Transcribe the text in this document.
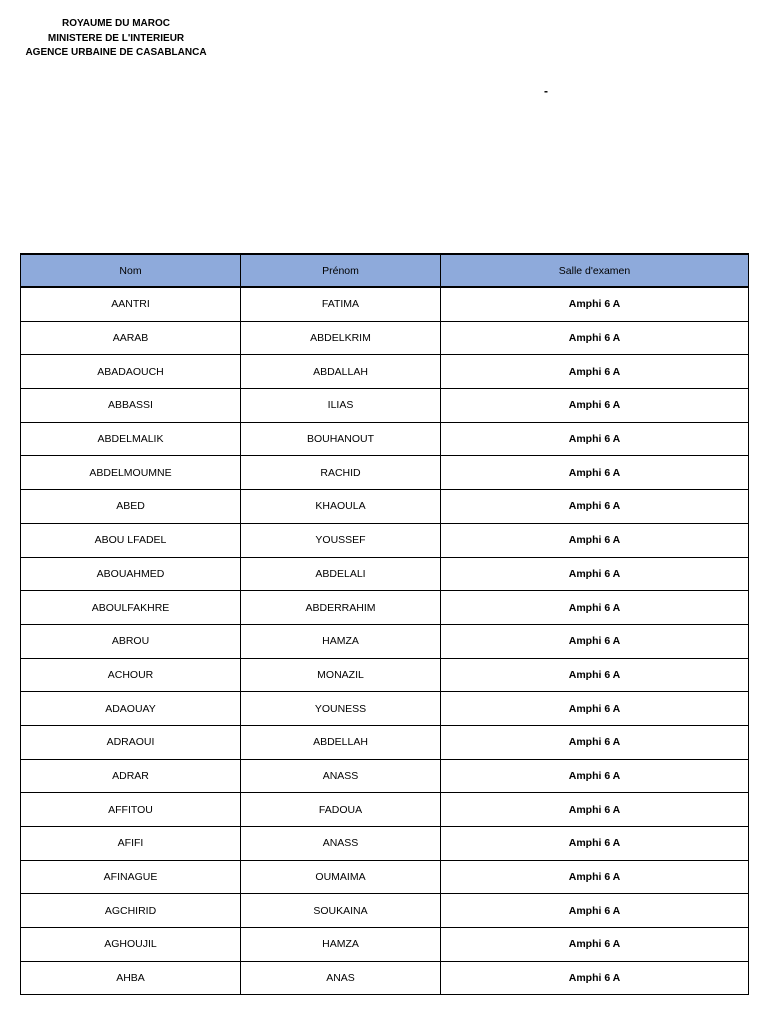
ROYAUME DU MAROC
MINISTERE DE L'INTERIEUR
AGENCE URBAINE DE CASABLANCA
-
Nom	Prénom	Salle d'examen
AANTRI	FATIMA	Amphi 6 A
AARAB	ABDELKRIM	Amphi 6 A
ABADAOUCH	ABDALLAH	Amphi 6 A
ABBASSI	ILIAS	Amphi 6 A
ABDELMALIK	BOUHANOUT	Amphi 6 A
ABDELMOUMNE	RACHID	Amphi 6 A
ABED	KHAOULA	Amphi 6 A
ABOU LFADEL	YOUSSEF	Amphi 6 A
ABOUAHMED	ABDELALI	Amphi 6 A
ABOULFAKHRE	ABDERRAHIM	Amphi 6 A
ABROU	HAMZA	Amphi 6 A
ACHOUR	MONAZIL	Amphi 6 A
ADAOUAY	YOUNESS	Amphi 6 A
ADRAOUI	ABDELLAH	Amphi 6 A
ADRAR	ANASS	Amphi 6 A
AFFITOU	FADOUA	Amphi 6 A
AFIFI	ANASS	Amphi 6 A
AFINAGUE	OUMAIMA	Amphi 6 A
AGCHIRID	SOUKAINA	Amphi 6 A
AGHOUJIL	HAMZA	Amphi 6 A
AHBA	ANAS	Amphi 6 A
